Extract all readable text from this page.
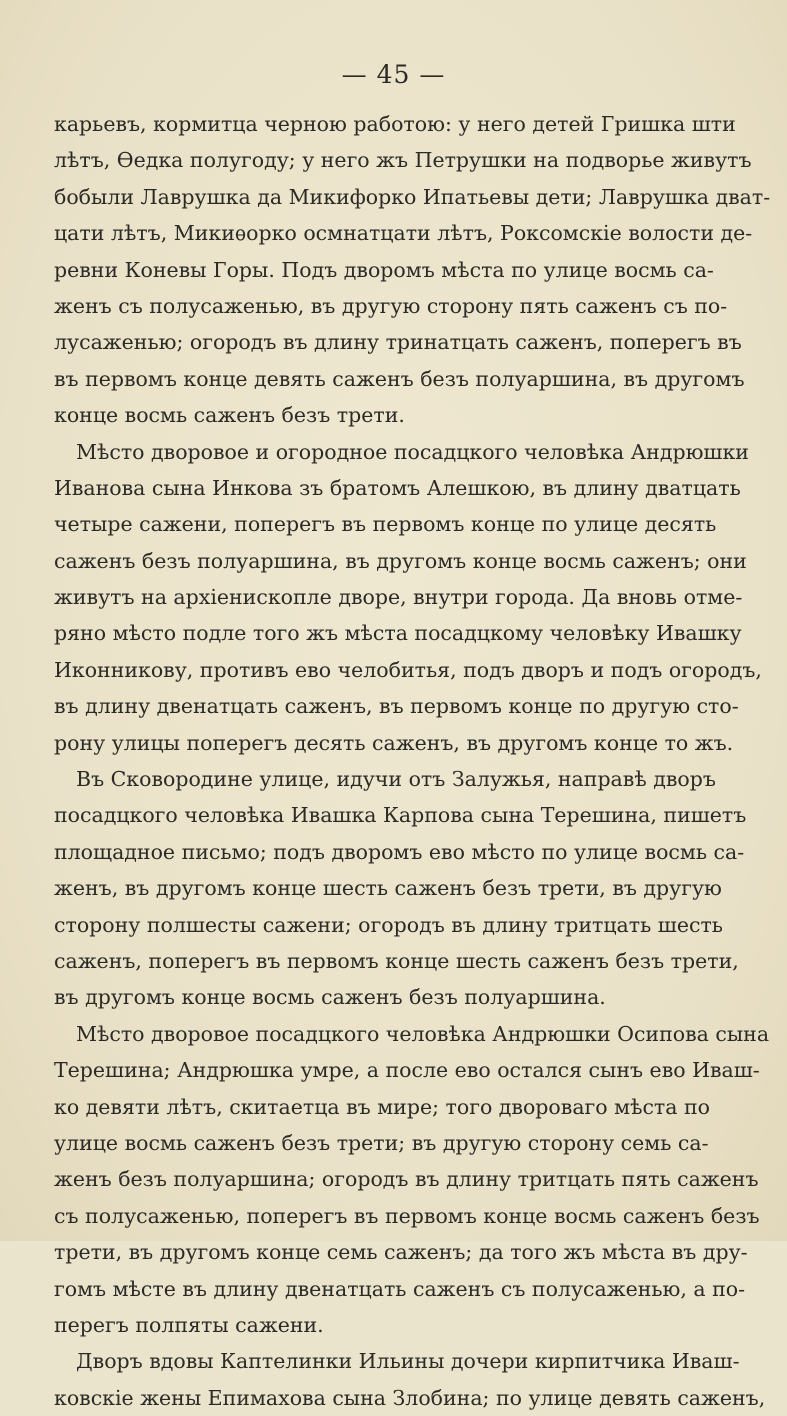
— 45 —
карьевъ, кормитца черною работою: у него детей Гришка шти
лѣтъ, Ѳедка полугоду; у него жъ Петрушки на подворье живутъ
бобыли Лаврушка да Микифорко Ипатьевы дети; Лаврушка дват-
цати лѣтъ, Микиѳорко осмнатцати лѣтъ, Роксомскіе волости де-
ревни Коневы Горы. Подъ дворомъ мѣста по улице восмь са-
женъ съ полусаженью, въ другую сторону пять саженъ съ по-
лусаженью; огородъ въ длину тринатцать саженъ, поперегъ въ
въ первомъ конце девять саженъ безъ полуаршина, въ другомъ
конце восмь саженъ безъ трети.
Мѣсто дворовое и огородное посадцкого человѣка Андрюшки
Иванова сына Инкова зъ братомъ Алешкою, въ длину дватцать
четыре сажени, поперегъ въ первомъ конце по улице десять
саженъ безъ полуаршина, въ другомъ конце восмь саженъ; они
живутъ на архіенископле дворе, внутри города. Да вновь отме-
ряно мѣсто подле того жъ мѣста посадцкому человѣку Ивашку
Иконникову, противъ ево челобитья, подъ дворъ и подъ огородъ,
въ длину двенатцать саженъ, въ первомъ конце по другую сто-
рону улицы поперегъ десять саженъ, въ другомъ конце то жъ.
Въ Сковородине улице, идучи отъ Залужья, направѣ дворъ
посадцкого человѣка Ивашка Карпова сына Терешина, пишетъ
площадное письмо; подъ дворомъ ево мѣсто по улице восмь са-
женъ, въ другомъ конце шесть саженъ безъ трети, въ другую
сторону полшесты сажени; огородъ въ длину тритцать шесть
саженъ, поперегъ въ первомъ конце шесть саженъ безъ трети,
въ другомъ конце восмь саженъ безъ полуаршина.
Мѣсто дворовое посадцкого человѣка Андрюшки Осипова сына
Терешина; Андрюшка умре, а после ево остался сынъ ево Иваш-
ко девяти лѣтъ, скитаетца въ мире; того двороваго мѣста по
улице восмь саженъ безъ трети; въ другую сторону семь са-
женъ безъ полуаршина; огородъ въ длину тритцать пять саженъ
съ полусаженью, поперегъ въ первомъ конце восмь саженъ безъ
трети, въ другомъ конце семь саженъ; да того жъ мѣста въ дру-
гомъ мѣсте въ длину двенатцать саженъ съ полусаженью, а по-
перегъ полпяты сажени.
Дворъ вдовы Каптелинки Ильины дочери кирпитчика Иваш-
ковскіе жены Епимахова сына Злобина; по улице девять саженъ,
